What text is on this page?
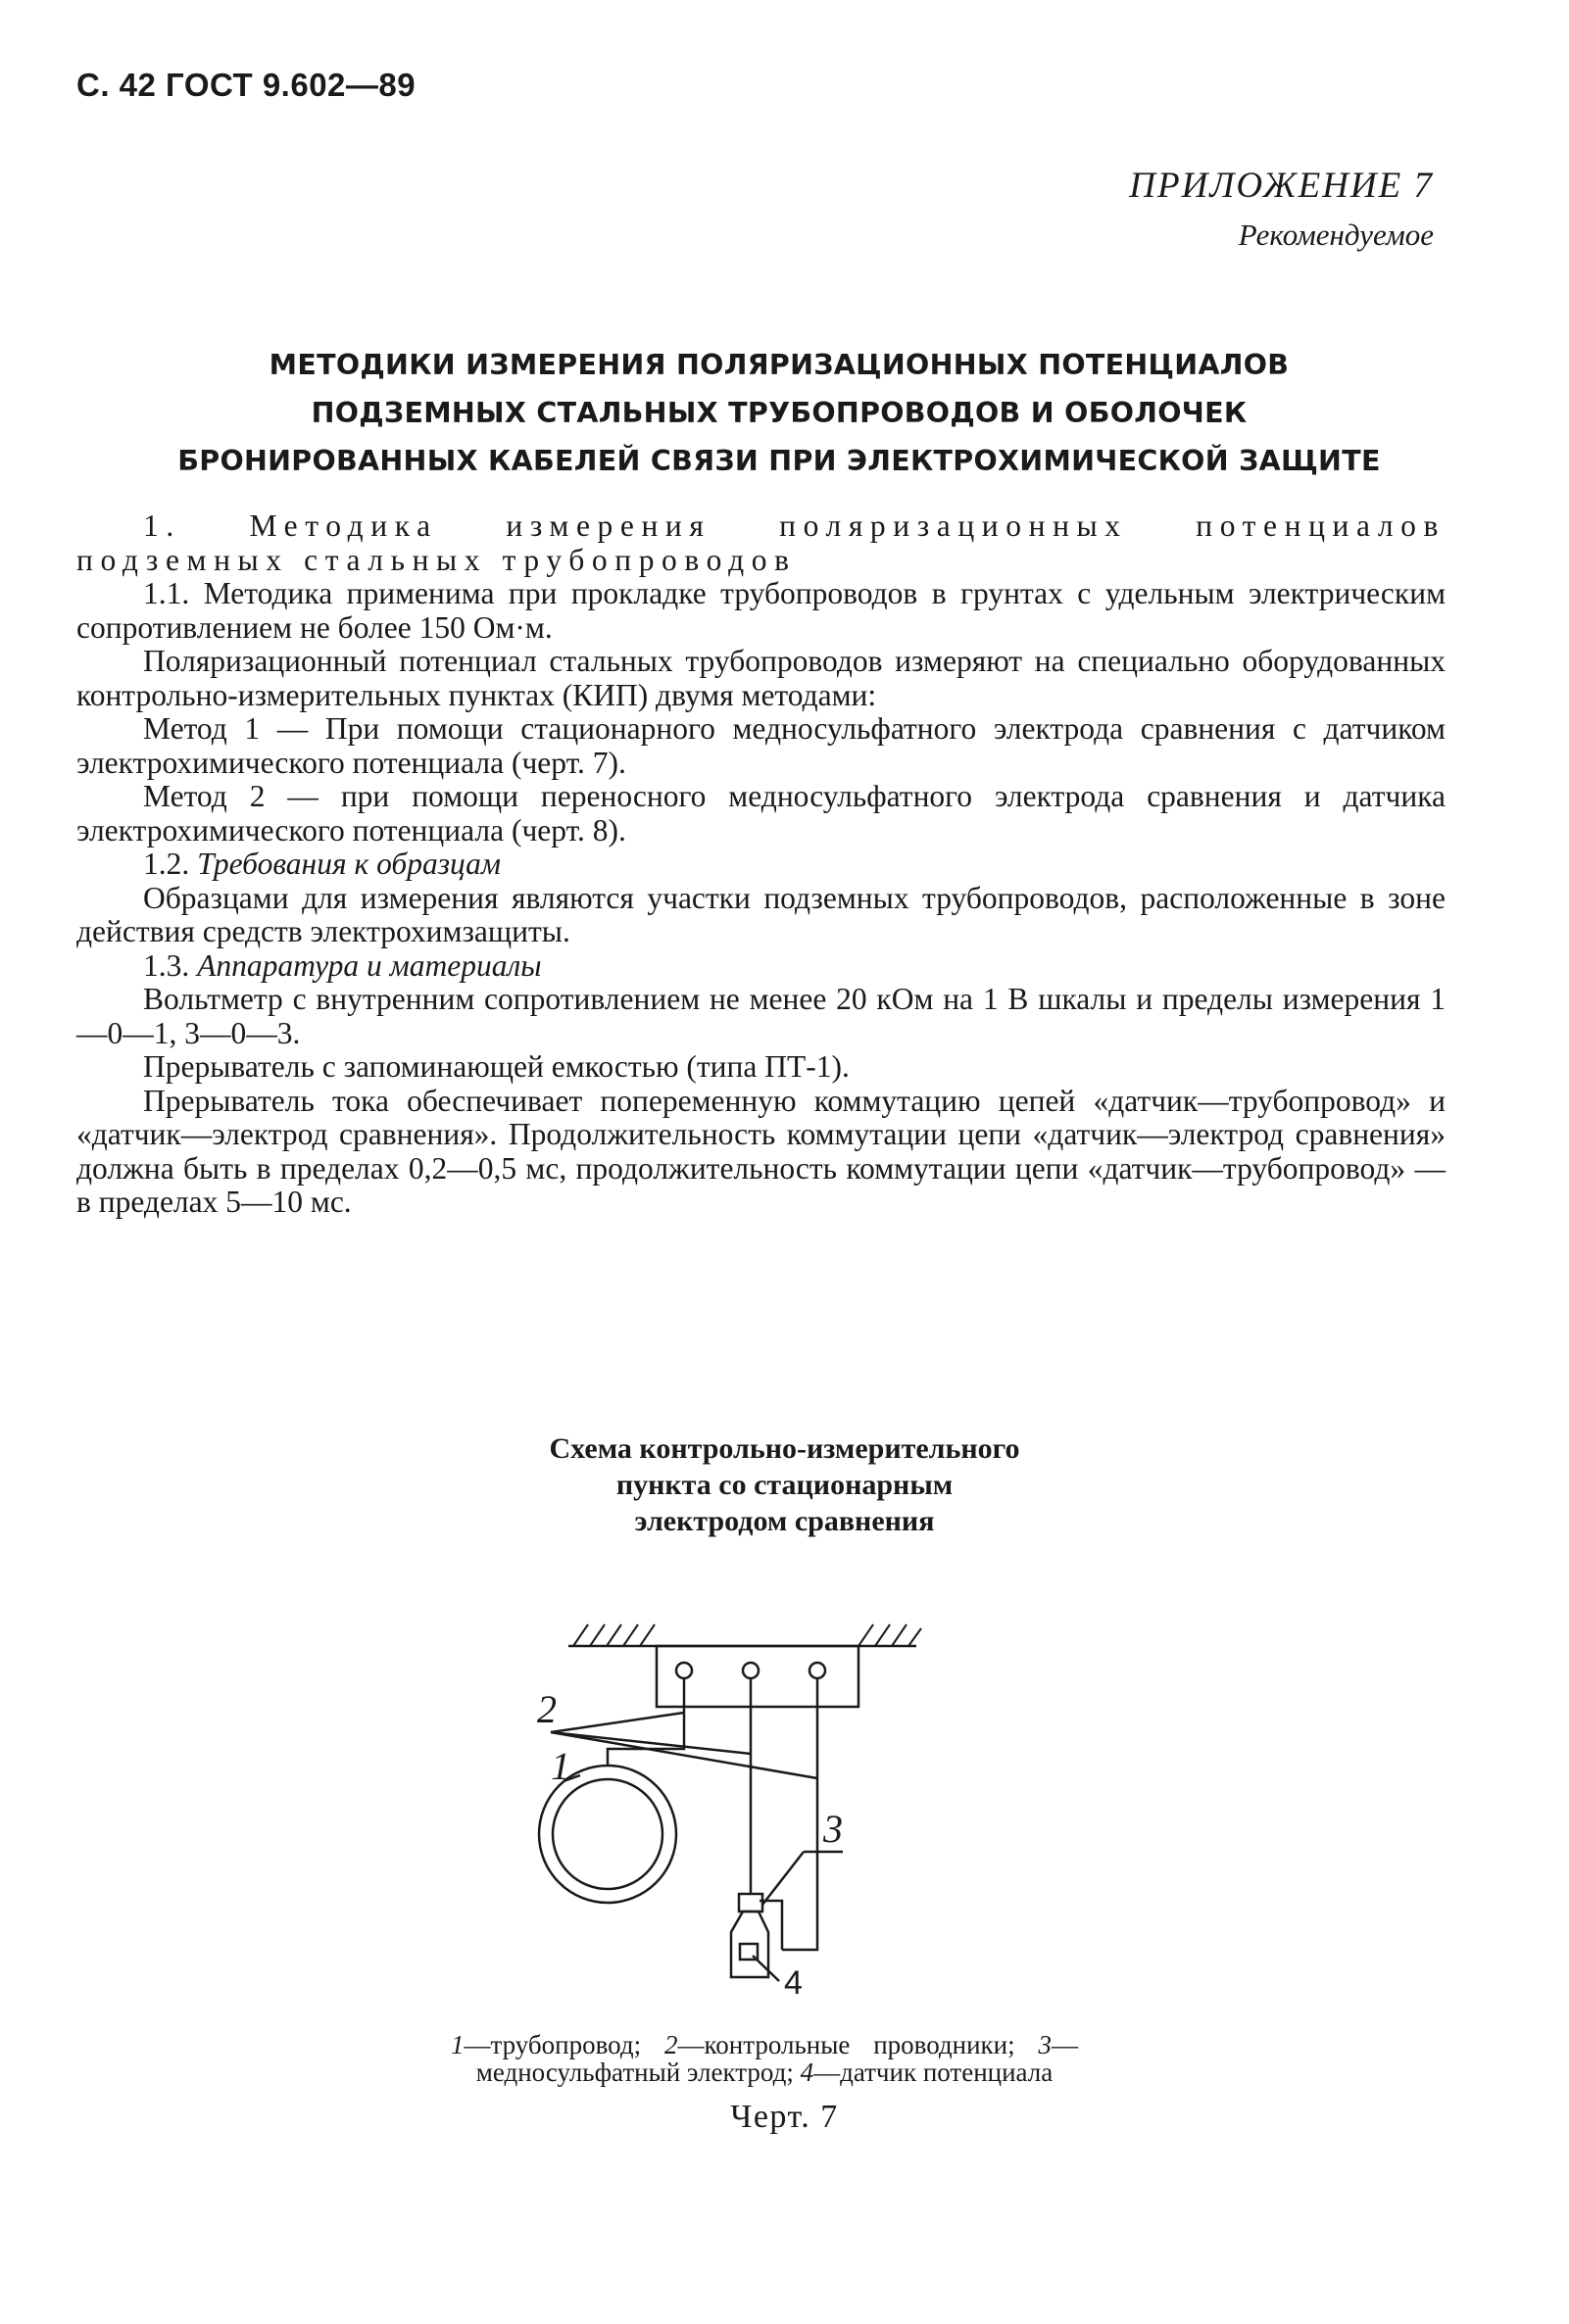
С. 42 ГОСТ 9.602—89
ПРИЛОЖЕНИЕ 7
Рекомендуемое
МЕТОДИКИ ИЗМЕРЕНИЯ ПОЛЯРИЗАЦИОННЫХ ПОТЕНЦИАЛОВ
ПОДЗЕМНЫХ СТАЛЬНЫХ ТРУБОПРОВОДОВ И ОБОЛОЧЕК
БРОНИРОВАННЫХ КАБЕЛЕЙ СВЯЗИ ПРИ ЭЛЕКТРОХИМИЧЕСКОЙ ЗАЩИТЕ

1. Методика измерения поляризационных потенциалов подземных стальных трубопроводов

1.1. Методика применима при прокладке трубопроводов в грунтах с удельным электрическим сопротивлением не более 150 Ом·м.

Поляризационный потенциал стальных трубопроводов измеряют на специально оборудованных контрольно-измерительных пунктах (КИП) двумя методами:

Метод 1 — При помощи стационарного медносульфатного электрода сравнения с датчиком электрохимического потенциала (черт. 7).

Метод 2 — при помощи переносного медносульфатного электрода сравнения и датчика электрохимического потенциала (черт. 8).

1.2. Требования к образцам

Образцами для измерения являются участки подземных трубопроводов, расположенные в зоне действия средств электрохимзащиты.

1.3. Аппаратура и материалы

Вольтметр с внутренним сопротивлением не менее 20 кОм на 1 В шкалы и пределы измерения 1—0—1, 3—0—3.

Прерыватель с запоминающей емкостью (типа ПТ-1).

Прерыватель тока обеспечивает попеременную коммутацию цепей «датчик—трубопровод» и «датчик—электрод сравнения». Продолжительность коммутации цепи «датчик—электрод сравнения» должна быть в пределах 0,2—0,5 мс, продолжительность коммутации цепи «датчик—трубопровод» — в пределах 5—10 мс.

Схема контрольно-измерительного
пункта со стационарным
электродом сравнения
2
1
3
4
1—трубопровод; 2—контрольные проводники; 3—медносульфатный электрод; 4—датчик потенциала
Черт. 7
